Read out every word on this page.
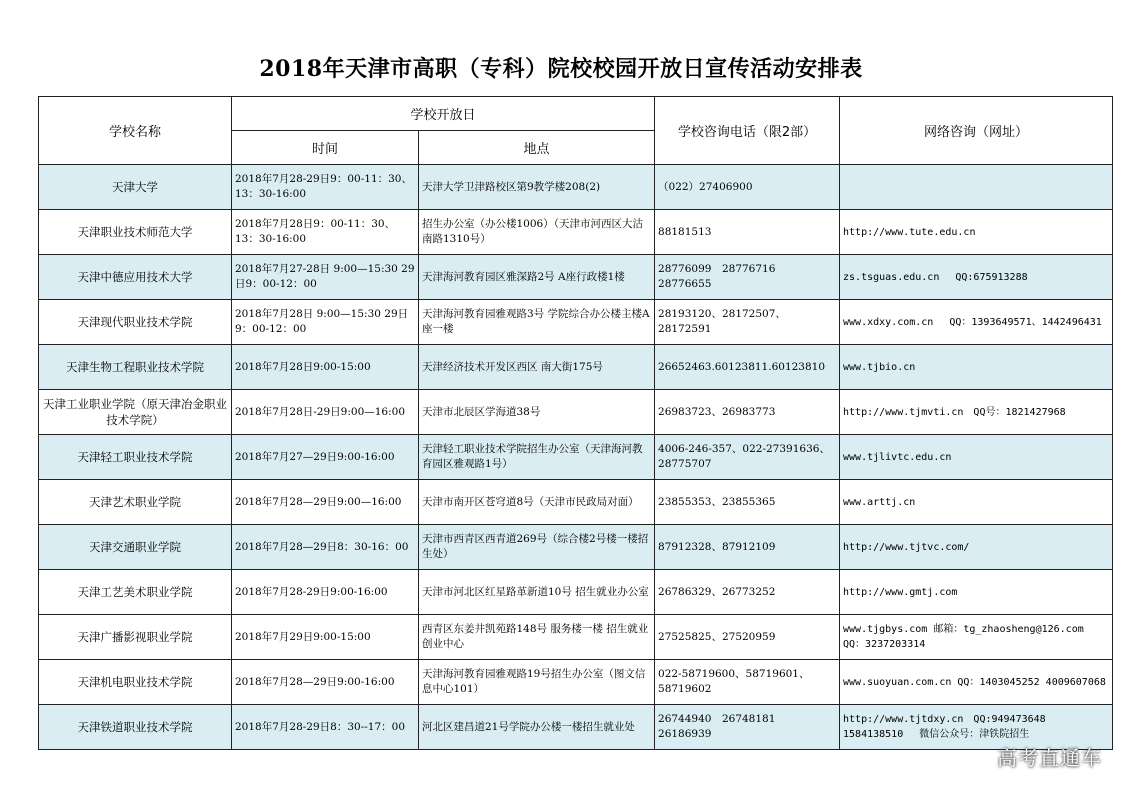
2018年天津市高职（专科）院校校园开放日宣传活动安排表
学校名称	学校开放日		学校咨询电话（限2部）	网络咨询（网址）
	时间	地点		
天津大学	2018年7月28-29日9：00-11：30、13：30-16:00	天津大学卫津路校区第9教学楼208(2)	（022）27406900	
天津职业技术师范大学	2018年7月28日9：00-11：30、13：30-16:00	招生办公室（办公楼1006）（天津市河西区大沽南路1310号）	88181513	http://www.tute.edu.cn
天津中德应用技术大学	2018年7月27-28日 9:00—15:30 29日9：00-12：00	天津海河教育园区雅深路2号 A座行政楼1楼	28776099　28776716　28776655	zs.tsguas.edu.cn　 QQ:675913288
天津现代职业技术学院	2018年7月28日 9:00—15:30 29日9：00-12：00	天津海河教育园雅观路3号 学院综合办公楼主楼A座一楼	28193120、28172507、28172591	www.xdxy.com.cn　 QQ：1393649571、1442496431
天津生物工程职业技术学院	2018年7月28日9:00-15:00	天津经济技术开发区西区 南大街175号	26652463.60123811.60123810	www.tjbio.cn
天津工业职业学院（原天津冶金职业技术学院）	2018年7月28日-29日9:00—16:00	天津市北辰区学海道38号	26983723、26983773	http://www.tjmvti.cn　QQ号：1821427968
天津轻工职业技术学院	2018年7月27—29日9:00-16:00	天津轻工职业技术学院招生办公室（天津海河教育园区雅观路1号）	4006-246-357、022-27391636、28775707	www.tjlivtc.edu.cn
天津艺术职业学院	2018年7月28—29日9:00—16:00	天津市南开区苍穹道8号（天津市民政局对面）	23855353、23855365	www.arttj.cn
天津交通职业学院	2018年7月28—29日8：30-16：00	天津市西青区西青道269号（综合楼2号楼一楼招生处）	87912328、87912109	http://www.tjtvc.com/
天津工艺美术职业学院	2018年7月28-29日9:00-16:00	天津市河北区红星路革新道10号 招生就业办公室	26786329、26773252	http://www.gmtj.com
天津广播影视职业学院	2018年7月29日9:00-15:00	西青区东姜井凯苑路148号 服务楼一楼 招生就业创业中心	27525825、27520959	www.tjgbys.com 邮箱：tg_zhaosheng@126.com QQ：3237203314
天津机电职业技术学院	2018年7月28—29日9:00-16:00	天津海河教育园雅观路19号招生办公室（图文信息中心101）	022-58719600、58719601、58719602	www.suoyuan.com.cn QQ：1403045252 4009607068
天津铁道职业技术学院	2018年7月28-29日8：30--17：00	河北区建昌道21号学院办公楼一楼招生就业处	26744940　26748181　26186939	http://www.tjtdxy.cn　QQ:949473648 1584138510　 微信公众号：津铁院招生
高考直通车
